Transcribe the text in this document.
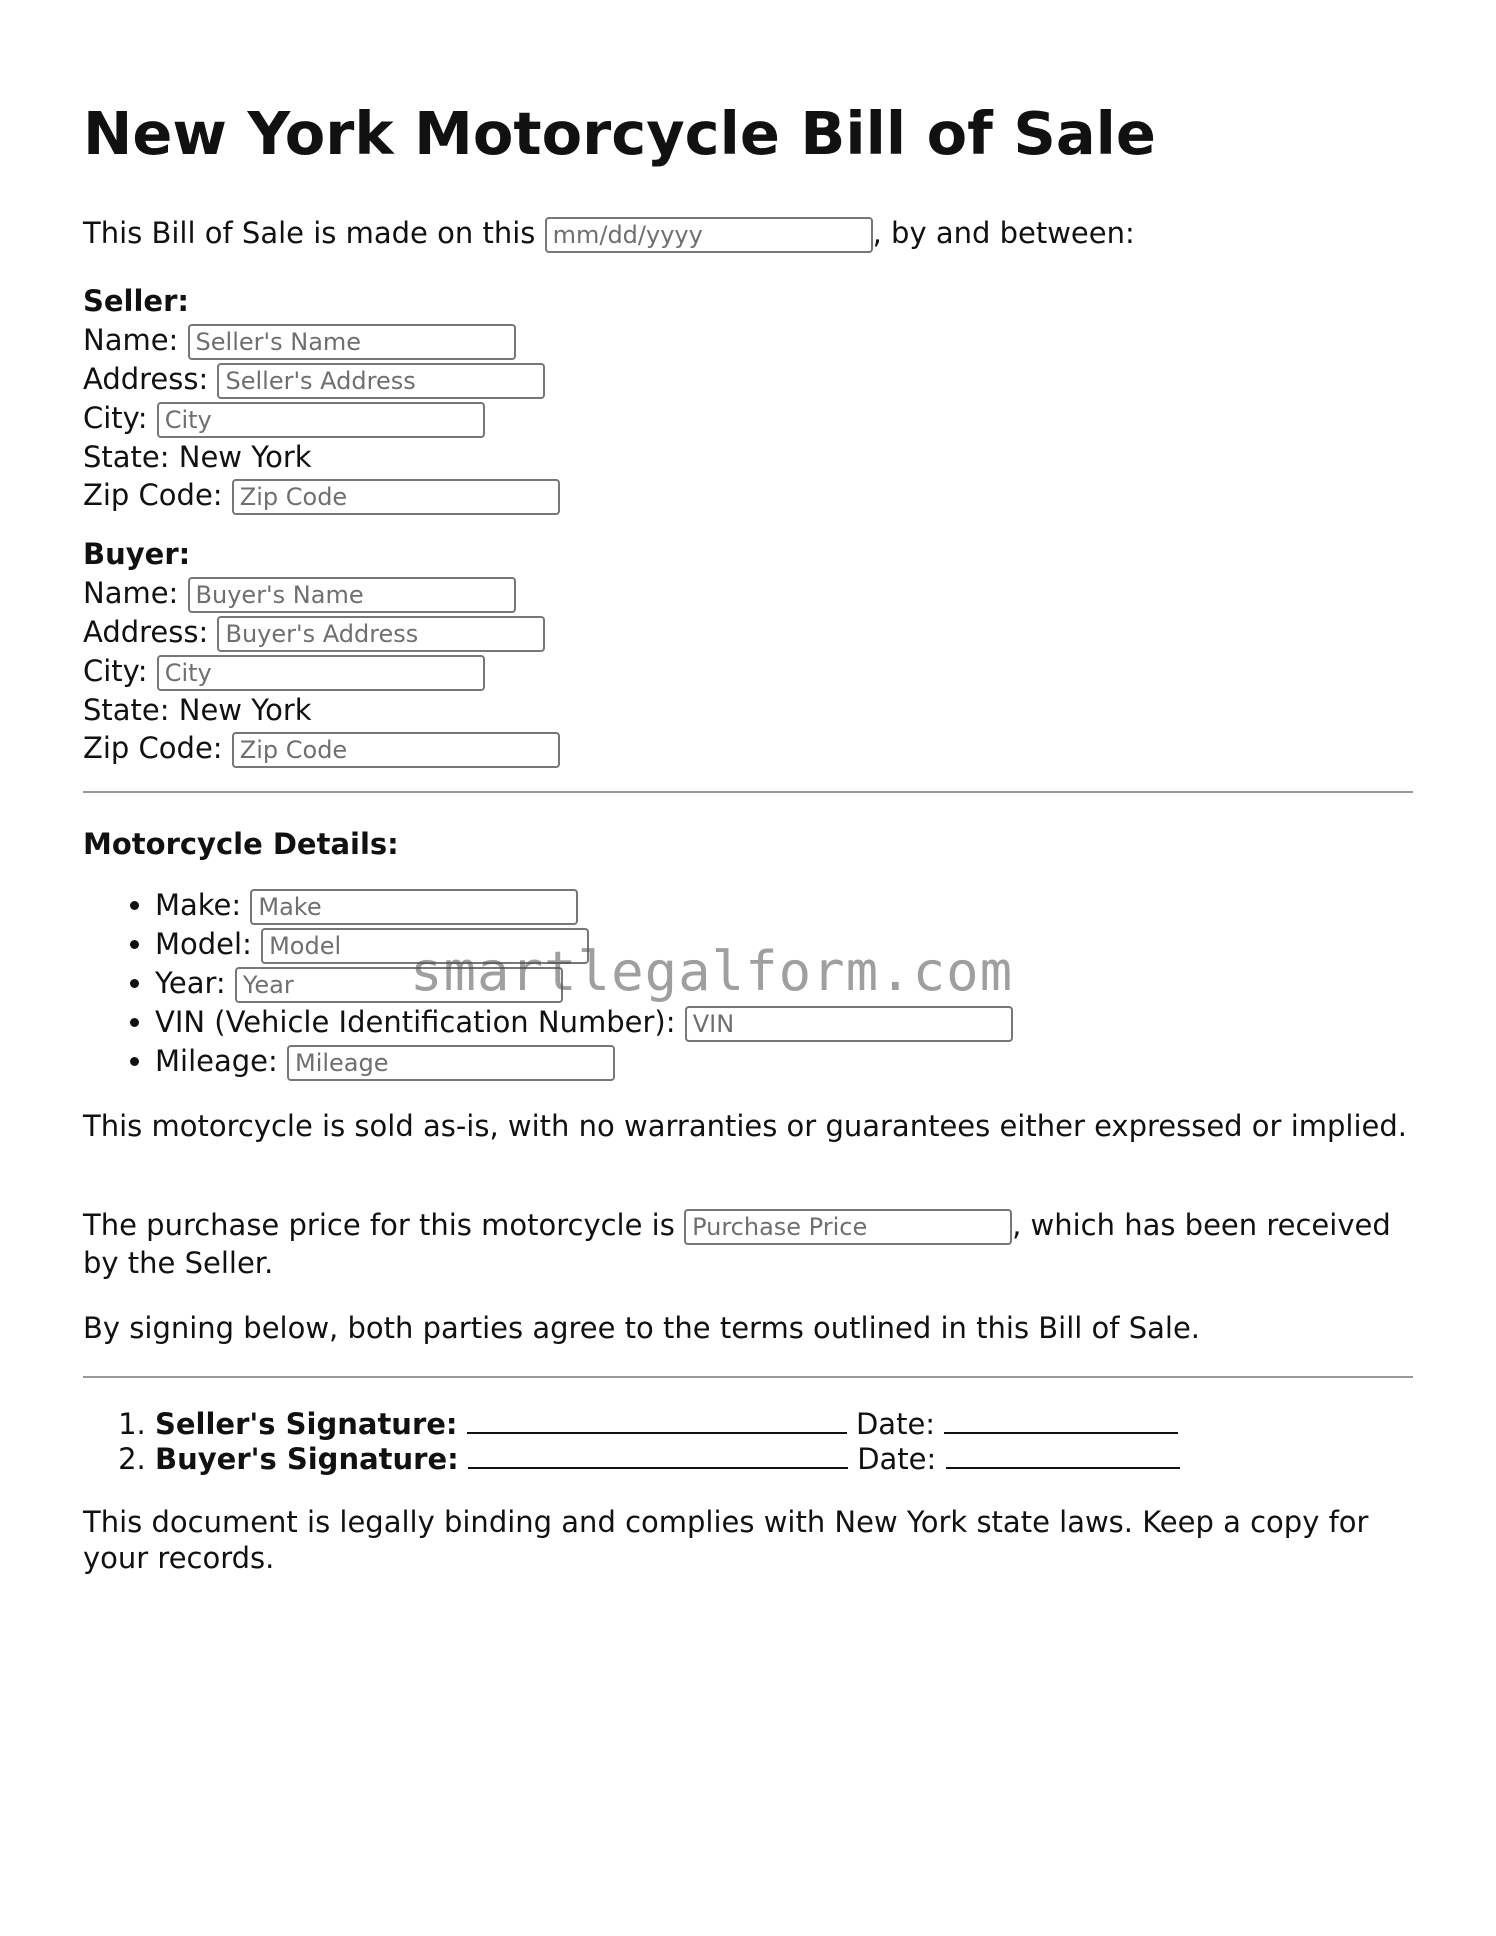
New York Motorcycle Bill of Sale
This Bill of Sale is made on this mm/dd/yyyy	, by and between:
Seller:
Name: Seller's Name
Address: Seller's Address
City: City
State: New York
Zip Code: Zip Code
Buyer:
Name: Buyer's Name
Address: Buyer's Address
City: City
State: New York
Zip Code: Zip Code
Motorcycle Details:
• Make: Make
• Model: Model
• Year: Year
• VIN (Vehicle Identification Number): VIN
• Mileage: Mileage
This motorcycle is sold as-is, with no warranties or guarantees either expressed or implied.
The purchase price for this motorcycle is Purchase Price	, which has been received by the Seller.
By signing below, both parties agree to the terms outlined in this Bill of Sale.
1. Seller's Signature:	Date:
2. Buyer's Signature:	Date:
This document is legally binding and complies with New York state laws. Keep a copy for your records.
smartlegalform.com
